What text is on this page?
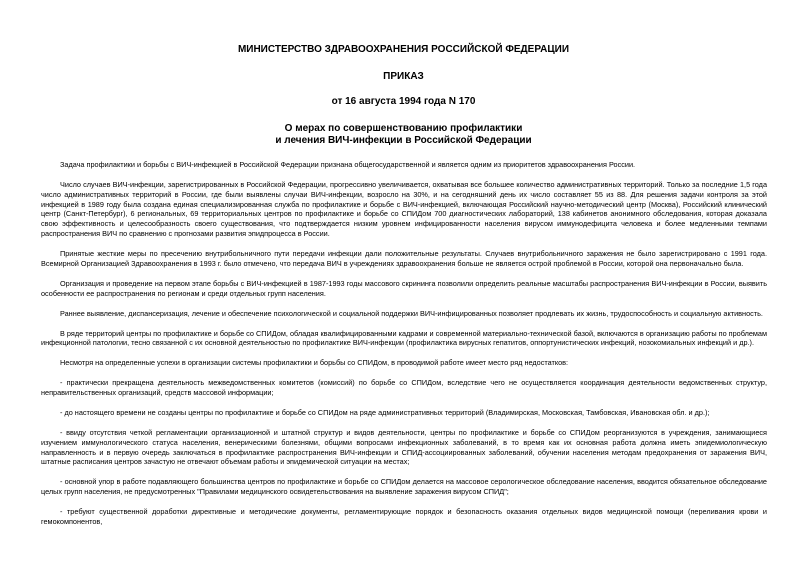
МИНИСТЕРСТВО ЗДРАВООХРАНЕНИЯ РОССИЙСКОЙ ФЕДЕРАЦИИ
ПРИКАЗ
от 16 августа 1994 года N 170
О мерах по совершенствованию профилактики
и лечения ВИЧ-инфекции в Российской Федерации

Задача профилактики и борьбы с ВИЧ-инфекцией в Российской Федерации признана общегосударственной и является одним из приоритетов здравоохранения России.

Число случаев ВИЧ-инфекции, зарегистрированных в Российской Федерации, прогрессивно увеличивается, охватывая все большее количество административных территорий. Только за последние 1,5 года число административных территорий в России, где были выявлены случаи ВИЧ-инфекции, возросло на 30%, и на сегодняшний день их число составляет 55 из 88. Для решения задачи контроля за этой инфекцией в 1989 году была создана единая специализированная служба по профилактике и борьбе с ВИЧ-инфекцией, включающая Российский научно-методический центр (Москва), Российский клинический центр (Санкт-Петербург), 6 региональных, 69 территориальных центров по профилактике и борьбе со СПИДом 700 диагностических лабораторий, 138 кабинетов анонимного обследования, которая доказала свою эффективность и целесообразность своего существования, что подтверждается низким уровнем инфицированности населения вирусом иммунодефицита человека и более медленными темпами распространения ВИЧ по сравнению с прогнозами развития эпидпроцесса в России.

Принятые жесткие меры по пресечению внутрибольничного пути передачи инфекции дали положительные результаты. Случаев внутрибольничного заражения не было зарегистрировано с 1991 года. Всемирной Организацией Здравоохранения в 1993 г. было отмечено, что передача ВИЧ в учреждениях здравоохранения больше не является острой проблемой в России, которой она первоначально была.

Организация и проведение на первом этапе борьбы с ВИЧ-инфекцией в 1987-1993 годы массового скрининга позволили определить реальные масштабы распространения ВИЧ-инфекции в России, выявить особенности ее распространения по регионам и среди отдельных групп населения.

Раннее выявление, диспансеризация, лечение и обеспечение психологической и социальной поддержки ВИЧ-инфицированных позволяет продлевать их жизнь, трудоспособность и социальную активность.

В ряде территорий центры по профилактике и борьбе со СПИДом, обладая квалифицированными кадрами и современной материально-технической базой, включаются в организацию работы по проблемам инфекционной патологии, тесно связанной с их основной деятельностью по профилактике ВИЧ-инфекции (профилактика вирусных гепатитов, оппортунистических инфекций, нозокомиальных инфекций и др.).

Несмотря на определенные успехи в организации системы профилактики и борьбы со СПИДом, в проводимой работе имеет место ряд недостатков:

- практически прекращена деятельность межведомственных комитетов (комиссий) по борьбе со СПИДом, вследствие чего не осуществляется координация деятельности ведомственных структур, неправительственных организаций, средств массовой информации;

- до настоящего времени не созданы центры по профилактике и борьбе со СПИДом на ряде административных территорий (Владимирская, Московская, Тамбовская, Ивановская обл. и др.);

- ввиду отсутствия четкой регламентации организационной и штатной структур и видов деятельности, центры по профилактике и борьбе со СПИДом реорганизуются в учреждения, занимающиеся изучением иммунологического статуса населения, венерическими болезнями, общими вопросами инфекционных заболеваний, в то время как их основная работа должна иметь эпидемиологическую направленность и в первую очередь заключаться в профилактике распространения ВИЧ-инфекции и СПИД-ассоциированных заболеваний, обучении населения методам предохранения от заражения ВИЧ, штатные расписания центров зачастую не отвечают объемам работы и эпидемической ситуации на местах;

- основной упор в работе подавляющего большинства центров по профилактике и борьбе со СПИДом делается на массовое серологическое обследование населения, вводится обязательное обследование целых групп населения, не предусмотренных "Правилами медицинского освидетельствования на выявление заражения вирусом СПИД";

- требуют существенной доработки директивные и методические документы, регламентирующие порядок и безопасность оказания отдельных видов медицинской помощи (переливания крови и гемокомпонентов,
